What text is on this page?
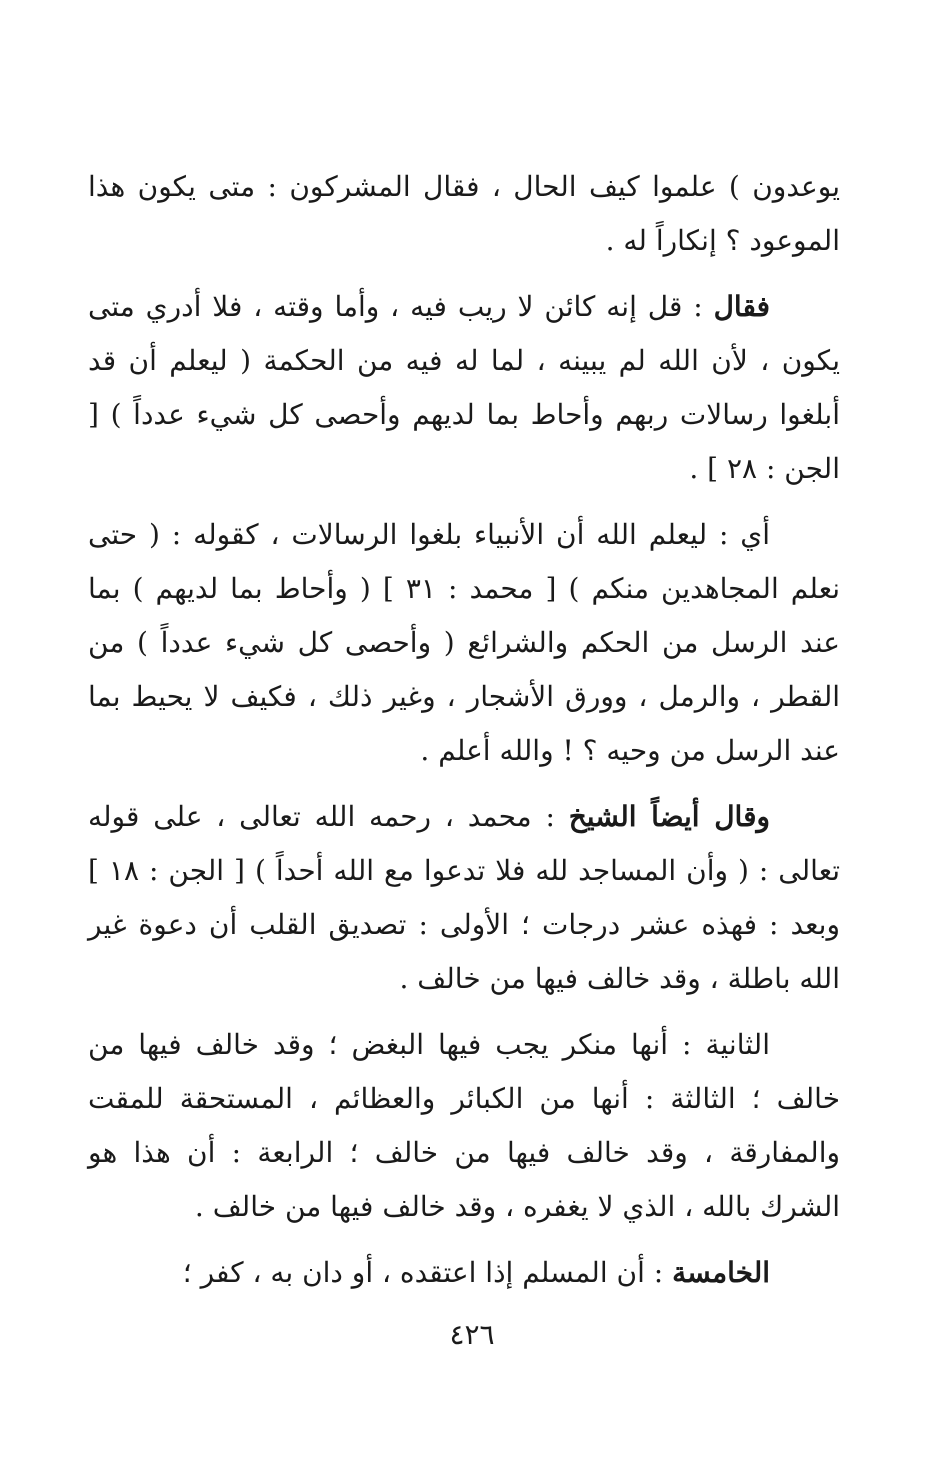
يوعدون ) علموا كيف الحال ، فقال المشركون : متى يكون هذا الموعود ؟ إنكاراً له .

فقال : قل إنه كائن لا ريب فيه ، وأما وقته ، فلا أدري متى يكون ، لأن الله لم يبينه ، لما له فيه من الحكمة ( ليعلم أن قد أبلغوا رسالات ربهم وأحاط بما لديهم وأحصى كل شيء عدداً ) [ الجن : ٢٨ ] .

أي : ليعلم الله أن الأنبياء بلغوا الرسالات ، كقوله : ( حتى نعلم المجاهدين منكم ) [ محمد : ٣١ ] ( وأحاط بما لديهم ) بما عند الرسل من الحكم والشرائع ( وأحصى كل شيء عدداً ) من القطر ، والرمل ، وورق الأشجار ، وغير ذلك ، فكيف لا يحيط بما عند الرسل من وحيه ؟ ! والله أعلم .

وقال أيضاً الشيخ : محمد ، رحمه الله تعالى ، على قوله تعالى : ( وأن المساجد لله فلا تدعوا مع الله أحداً ) [ الجن : ١٨ ] وبعد : فهذه عشر درجات ؛ الأولى : تصديق القلب أن دعوة غير الله باطلة ، وقد خالف فيها من خالف .

الثانية : أنها منكر يجب فيها البغض ؛ وقد خالف فيها من خالف ؛ الثالثة : أنها من الكبائر والعظائم ، المستحقة للمقت والمفارقة ، وقد خالف فيها من خالف ؛ الرابعة : أن هذا هو الشرك بالله ، الذي لا يغفره ، وقد خالف فيها من خالف .

الخامسة : أن المسلم إذا اعتقده ، أو دان به ، كفر ؛

٤٢٦
